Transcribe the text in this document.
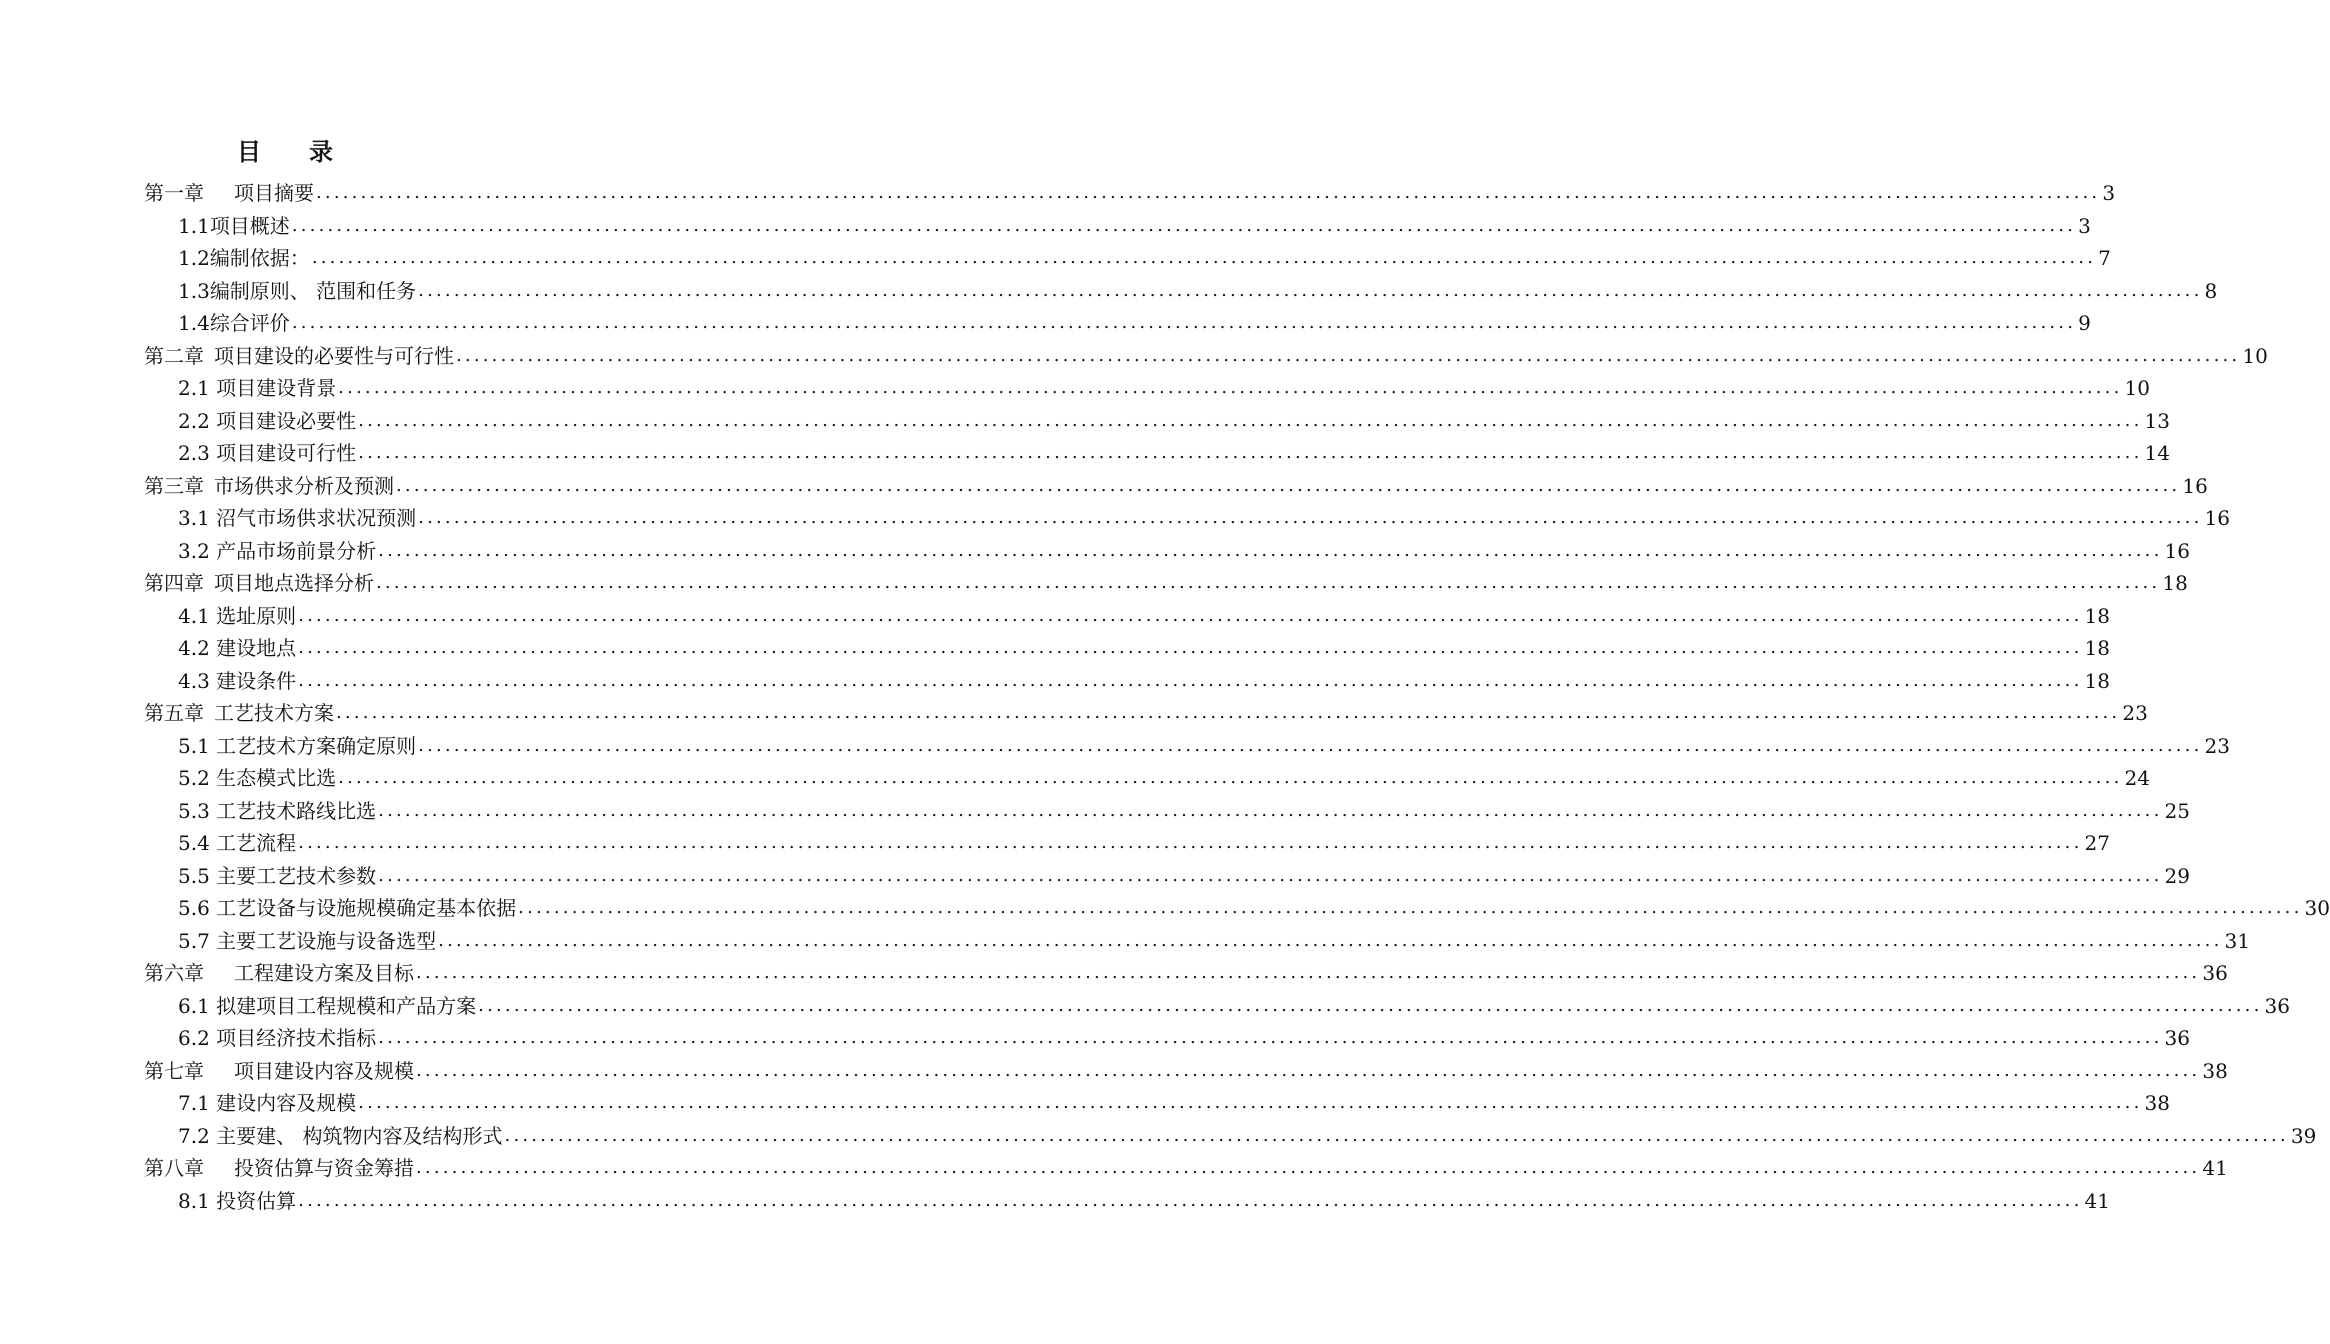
目　　录
第一章 　项目摘要 ........................................................................................................................................................................................................ 3
1.1 项目概述 ........................................................................................................................................................................................................ 3
1.2 编制依据： ........................................................................................................................................................................................................ 7
1.3 编制原则、 范围和任务 ........................................................................................................................................................................................................ 8
1.4 综合评价 ........................................................................................................................................................................................................ 9
第二章 项目建设的必要性与可行性 ........................................................................................................................................................................................................ 10
2.1 项目建设背景 ........................................................................................................................................................................................................ 10
2.2 项目建设必要性 ........................................................................................................................................................................................................ 13
2.3 项目建设可行性 ........................................................................................................................................................................................................ 14
第三章 市场供求分析及预测 ........................................................................................................................................................................................................ 16
3.1 沼气市场供求状况预测 ........................................................................................................................................................................................................ 16
3.2 产品市场前景分析 ........................................................................................................................................................................................................ 16
第四章 项目地点选择分析 ........................................................................................................................................................................................................ 18
4.1 选址原则 ........................................................................................................................................................................................................ 18
4.2 建设地点 ........................................................................................................................................................................................................ 18
4.3 建设条件 ........................................................................................................................................................................................................ 18
第五章 工艺技术方案 ........................................................................................................................................................................................................ 23
5.1 工艺技术方案确定原则 ........................................................................................................................................................................................................ 23
5.2 生态模式比选 ........................................................................................................................................................................................................ 24
5.3 工艺技术路线比选 ........................................................................................................................................................................................................ 25
5.4 工艺流程 ........................................................................................................................................................................................................ 27
5.5 主要工艺技术参数 ........................................................................................................................................................................................................ 29
5.6 工艺设备与设施规模确定基本依据 ........................................................................................................................................................................................................ 30
5.7 主要工艺设施与设备选型 ........................................................................................................................................................................................................ 31
第六章 　工程建设方案及目标 ........................................................................................................................................................................................................ 36
6.1 拟建项目工程规模和产品方案 ........................................................................................................................................................................................................ 36
6.2 项目经济技术指标 ........................................................................................................................................................................................................ 36
第七章 　项目建设内容及规模 ........................................................................................................................................................................................................ 38
7.1 建设内容及规模 ........................................................................................................................................................................................................ 38
7.2 主要建、 构筑物内容及结构形式 ........................................................................................................................................................................................................ 39
第八章 　投资估算与资金筹措 ........................................................................................................................................................................................................ 41
8.1 投资估算 ........................................................................................................................................................................................................ 41
